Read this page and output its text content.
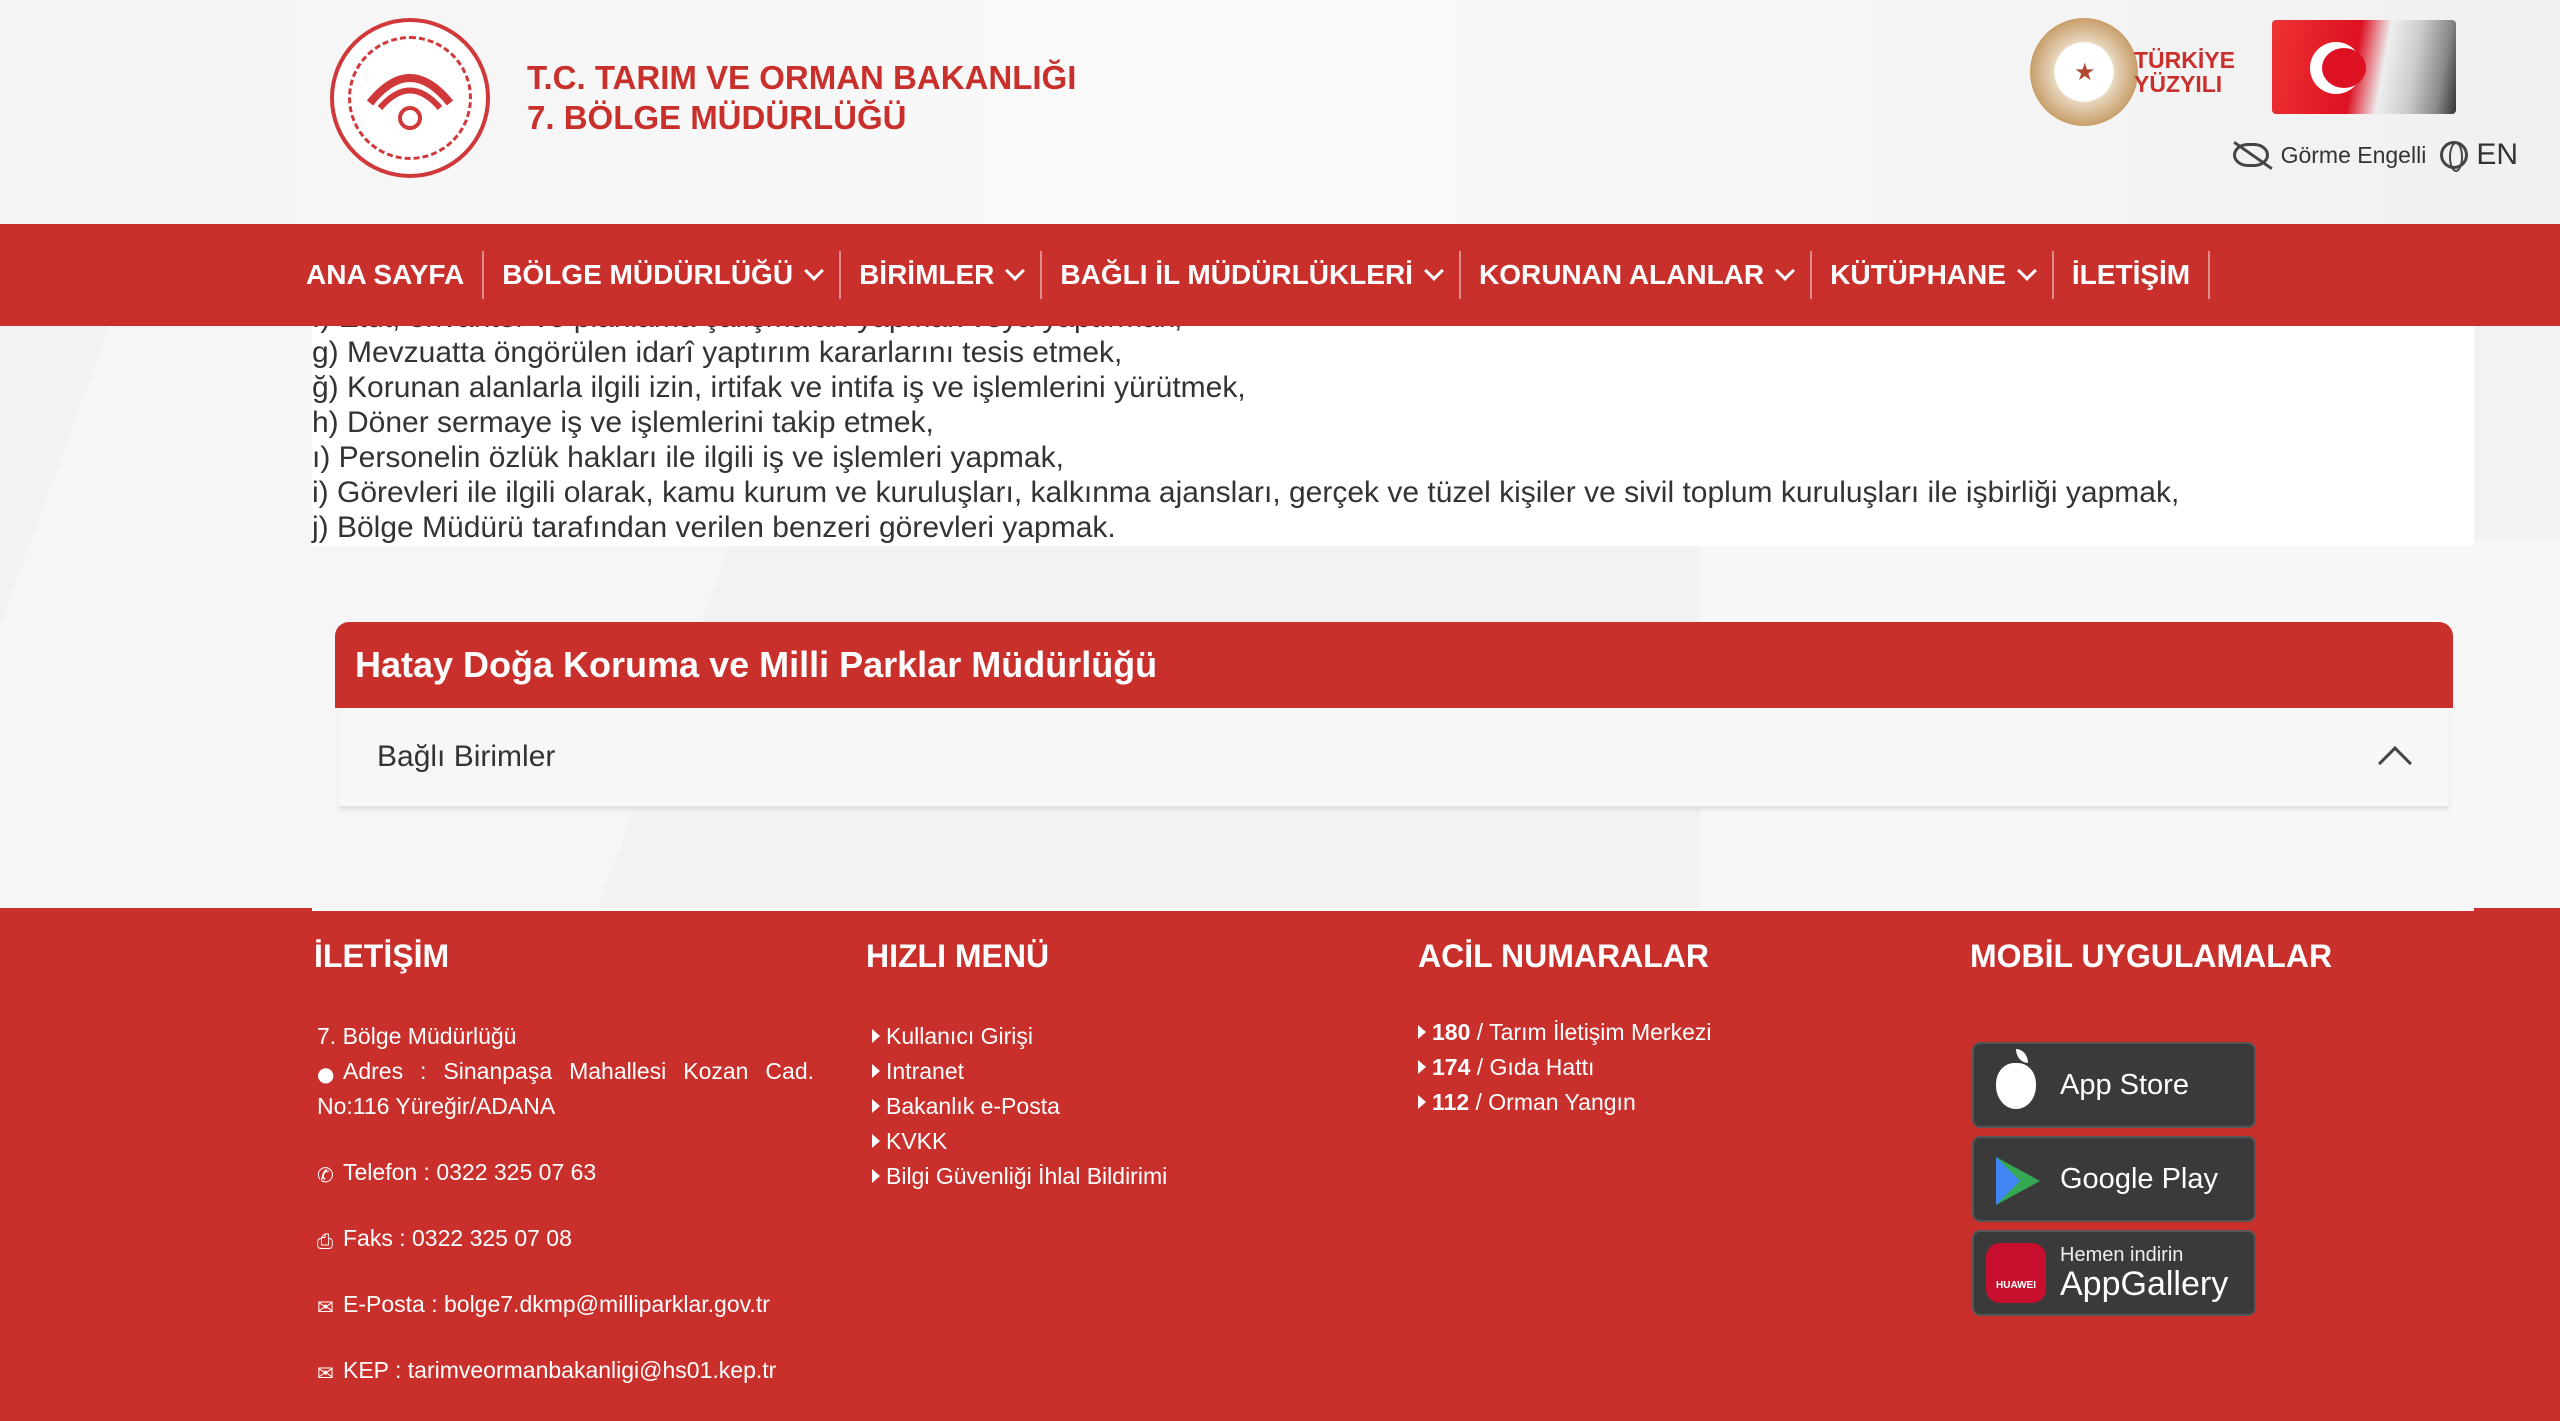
T.C. TARIM VE ORMAN BAKANLIĞI
7. BÖLGE MÜDÜRLÜĞÜ
★ TÜRKİYE
YÜZYILI
Görme Engelli EN
ANA SAYFA BÖLGE MÜDÜRLÜĞÜ BİRİMLER BAĞLI İL MÜDÜRLÜKLERİ KORUNAN ALANLAR KÜTÜPHANE İLETİŞİM
g) Mevzuatta öngörülen idarî yaptırım kararlarını tesis etmek,
ğ) Korunan alanlarla ilgili izin, irtifak ve intifa iş ve işlemlerini yürütmek,
h) Döner sermaye iş ve işlemlerini takip etmek,
ı) Personelin özlük hakları ile ilgili iş ve işlemleri yapmak,
i) Görevleri ile ilgili olarak, kamu kurum ve kuruluşları, kalkınma ajansları, gerçek ve tüzel kişiler ve sivil toplum kuruluşları ile işbirliği yapmak,
j) Bölge Müdürü tarafından verilen benzeri görevleri yapmak.
Hatay Doğa Koruma ve Milli Parklar Müdürlüğü
Bağlı Birimler
İLETİŞİM
7. Bölge Müdürlüğü
● Adres : Sinanpaşa Mahallesi Kozan Cad. No:116 Yüreğir/ADANA
✆ Telefon : 0322 325 07 63
⎙ Faks : 0322 325 07 08
✉ E-Posta : bolge7.dkmp@milliparklar.gov.tr
✉ KEP : tarimveormanbakanligi@hs01.kep.tr
HIZLI MENÜ
Kullanıcı Girişi
Intranet
Bakanlık e-Posta
KVKK
Bilgi Güvenliği İhlal Bildirimi
ACİL NUMARALAR
180 / Tarım İletişim Merkezi
174 / Gıda Hattı
112 / Orman Yangın
MOBİL UYGULAMALAR
App Store
Google Play
HUAWEI
Hemen indirin
AppGallery
